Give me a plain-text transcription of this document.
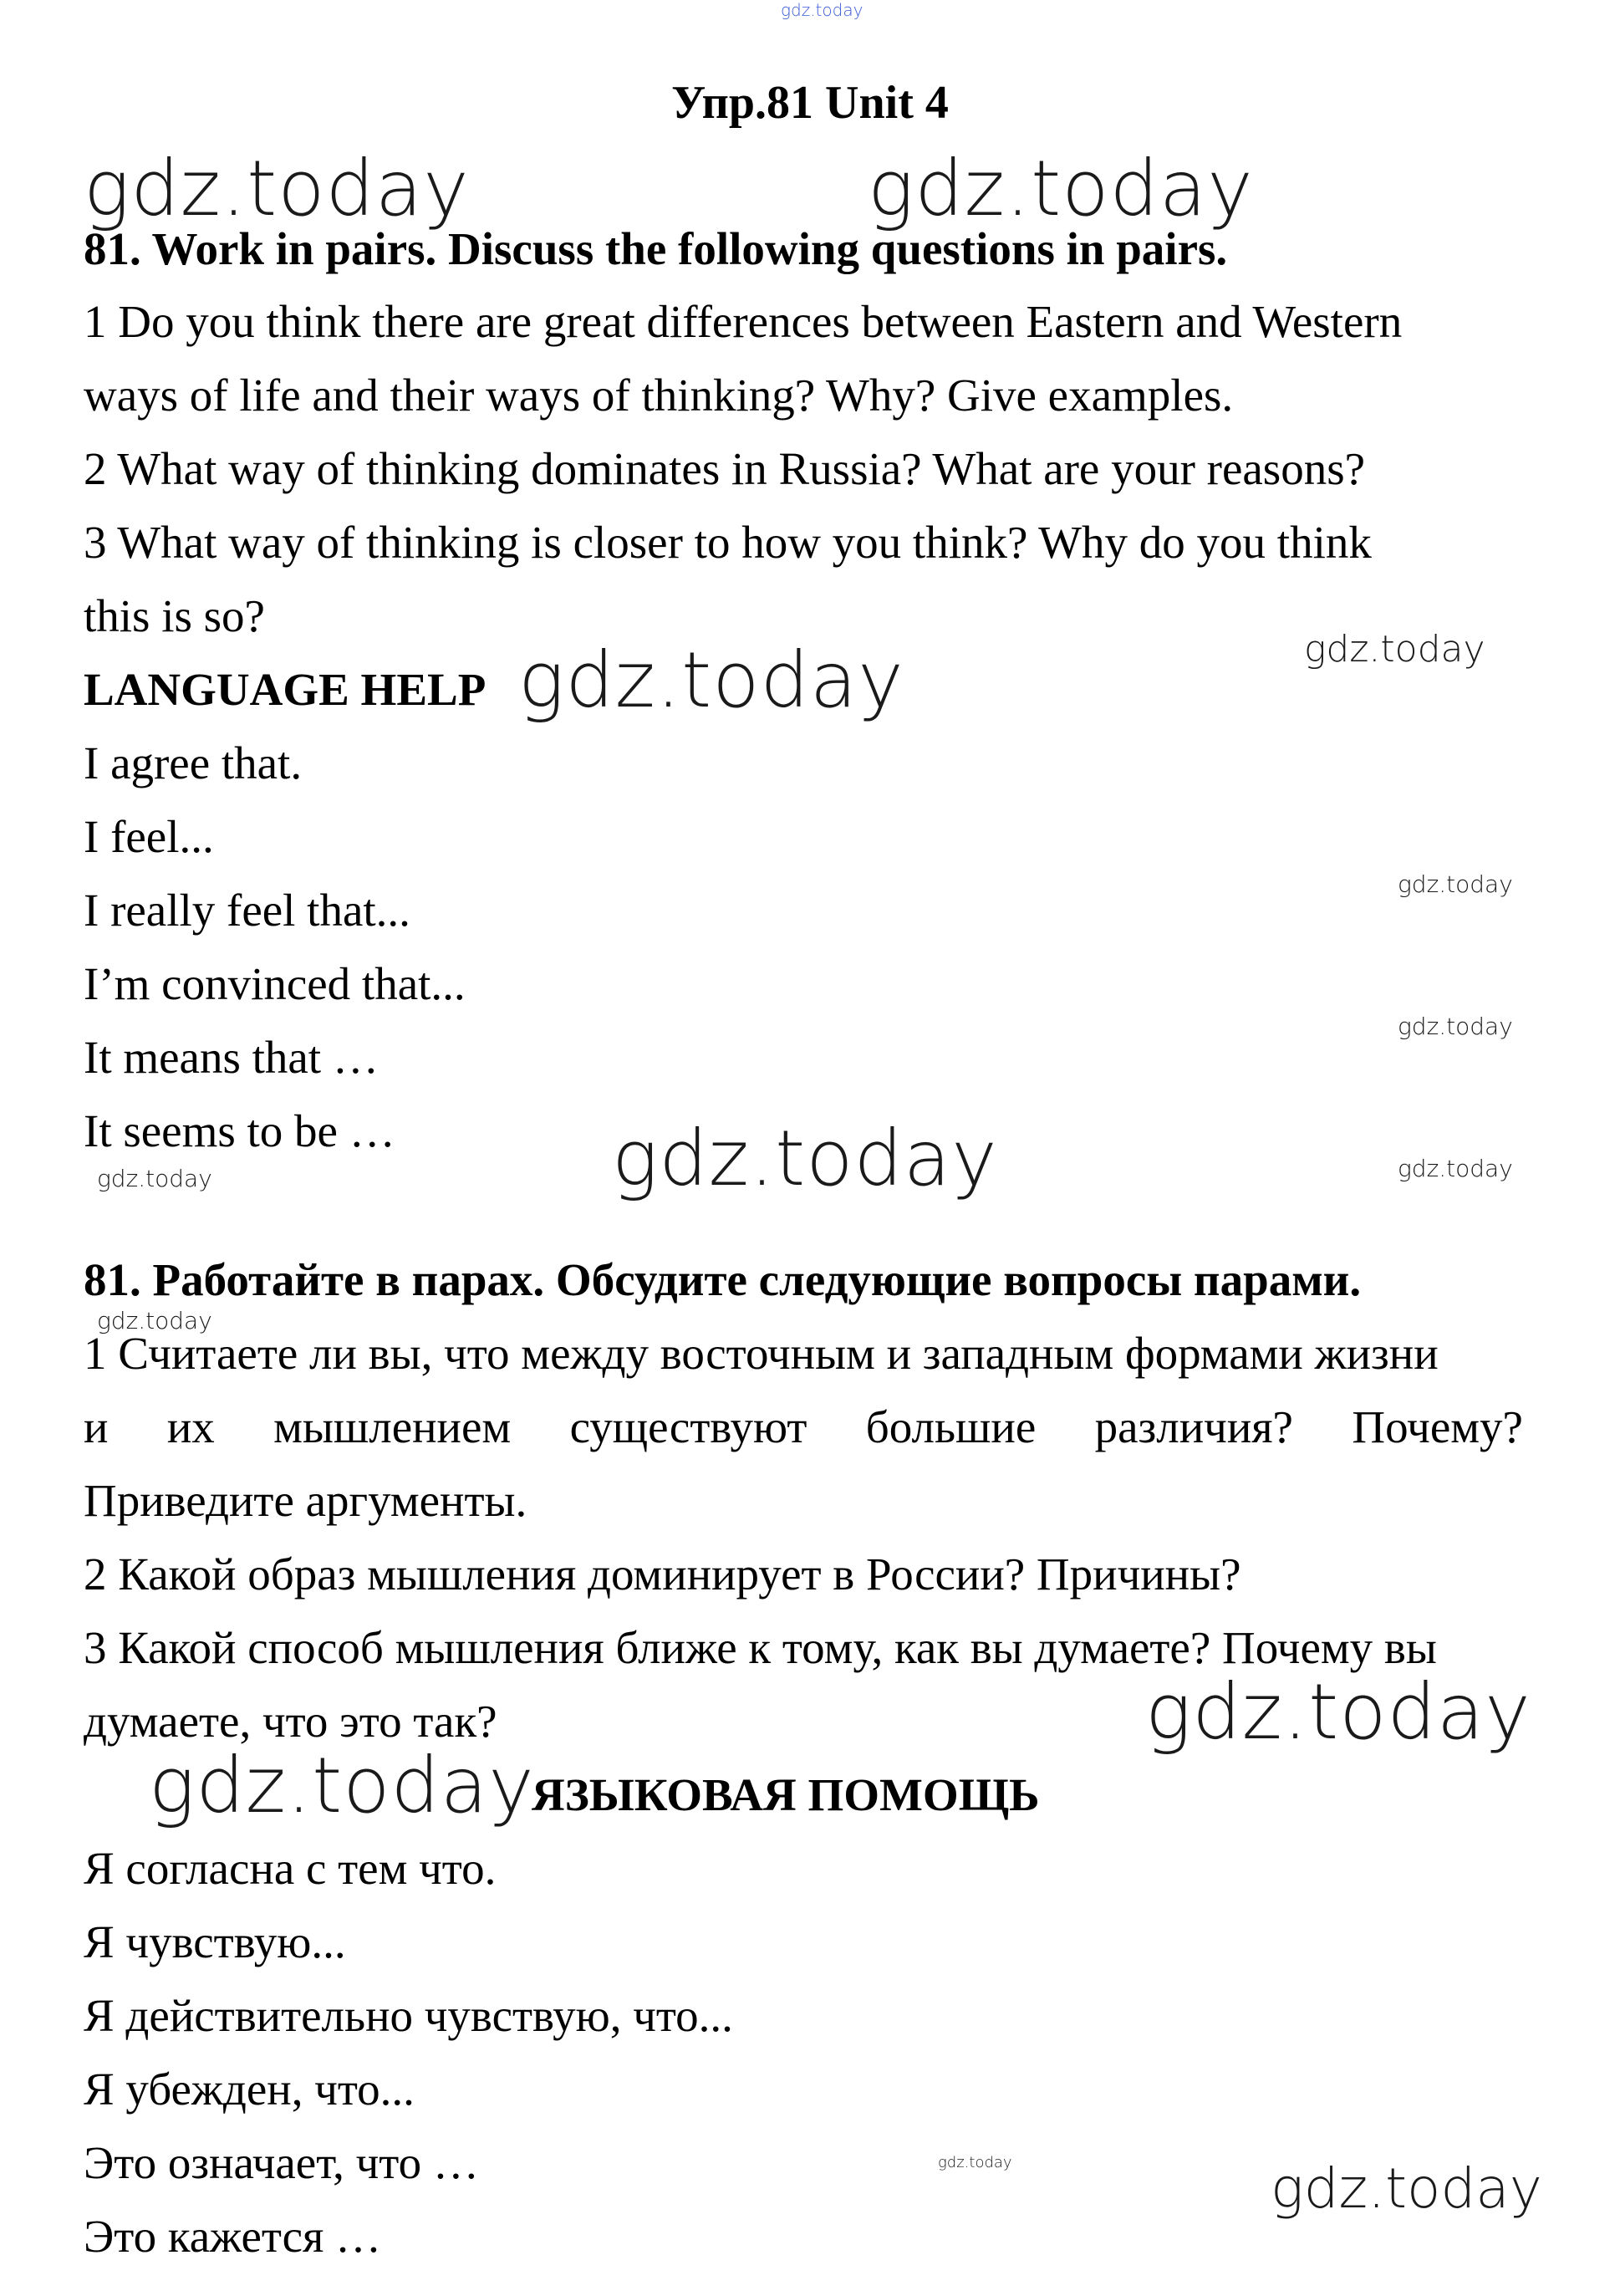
gdz.today
Упр.81 Unit 4

81. Work in pairs. Discuss the following questions in pairs.

1 Do you think there are great differences between Eastern and Western

ways of life and their ways of thinking? Why? Give examples.

2 What way of thinking dominates in Russia? What are your reasons?

3 What way of thinking is closer to how you think? Why do you think

this is so?

LANGUAGE HELP

I agree that.

I feel...

I really feel that...

I’m convinced that...

It means that …

It seems to be …

81. Работайте в парах. Обсудите следующие вопросы парами.

1 Считаете ли вы, что между восточным и западным формами жизни

и их мышлением существуют большие различия? Почему?

Приведите аргументы.

2 Какой образ мышления доминирует в России? Причины?

3 Какой способ мышления ближе к тому, как вы думаете? Почему вы

думаете, что это так?

ЯЗЫКОВАЯ ПОМОЩЬ

Я согласна с тем что.

Я чувствую...

Я действительно чувствую, что...

Я убежден, что...

Это означает, что …

Это кажется …

gdz.today	gdz.today
gdz.today
gdz.today
gdz.today
gdz.today
gdz.today
gdz.today	gdz.today
gdz.today
gdz.today
gdz.today
gdz.today	gdz.today
